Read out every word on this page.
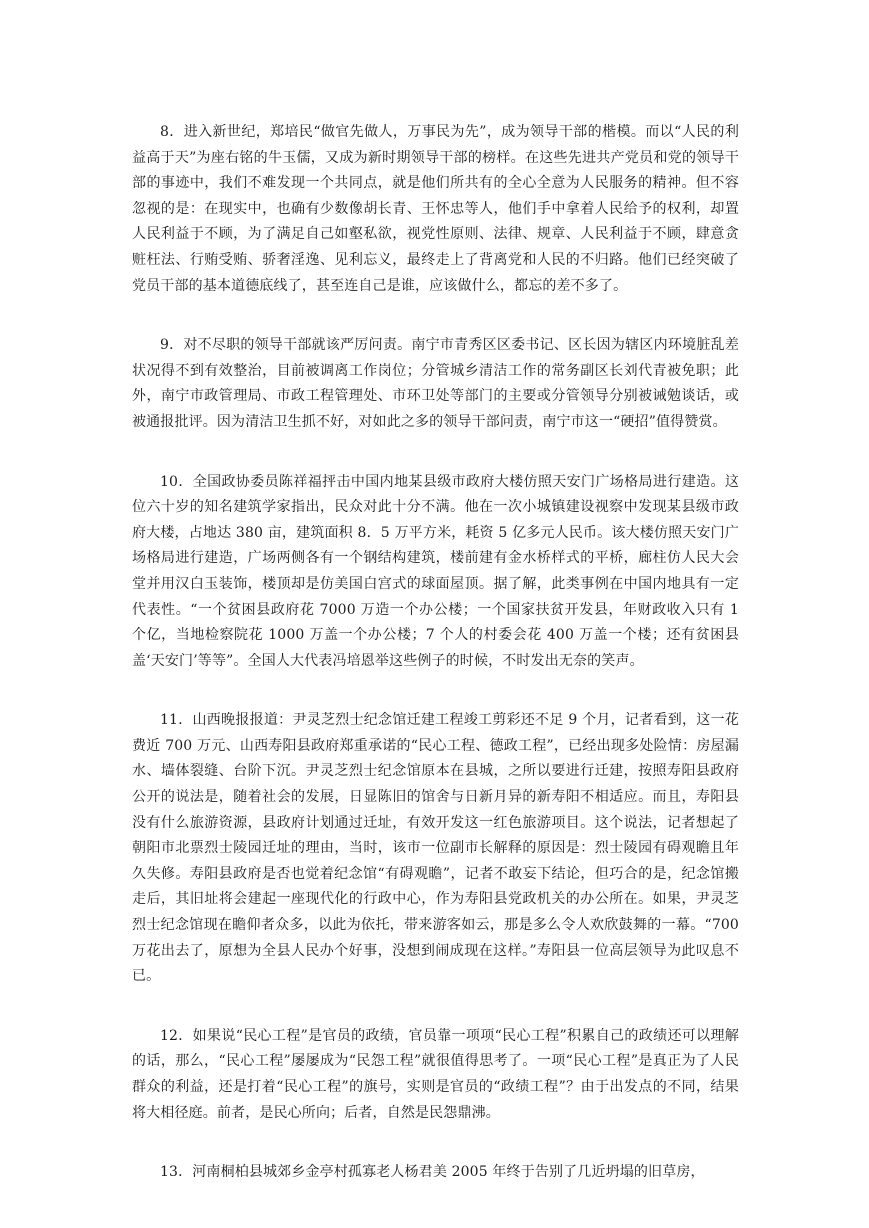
8．进入新世纪，郑培民“做官先做人，万事民为先”，成为领导干部的楷模。而以“人民的利益高于天”为座右铭的牛玉儒，又成为新时期领导干部的榜样。在这些先进共产党员和党的领导干部的事迹中，我们不难发现一个共同点，就是他们所共有的全心全意为人民服务的精神。但不容忽视的是：在现实中，也确有少数像胡长青、王怀忠等人，他们手中拿着人民给予的权利，却置人民利益于不顾，为了满足自己如壑私欲，视党性原则、法律、规章、人民利益于不顾，肆意贪赃枉法、行贿受贿、骄奢淫逸、见利忘义，最终走上了背离党和人民的不归路。他们已经突破了党员干部的基本道德底线了，甚至连自己是谁，应该做什么，都忘的差不多了。

9．对不尽职的领导干部就该严厉问责。南宁市青秀区区委书记、区长因为辖区内环境脏乱差状况得不到有效整治，目前被调离工作岗位；分管城乡清洁工作的常务副区长刘代青被免职；此外，南宁市政管理局、市政工程管理处、市环卫处等部门的主要或分管领导分别被诫勉谈话，或被通报批评。因为清洁卫生抓不好，对如此之多的领导干部问责，南宁市这一“硬招”值得赞赏。

10．全国政协委员陈祥福抨击中国内地某县级市政府大楼仿照天安门广场格局进行建造。这位六十岁的知名建筑学家指出，民众对此十分不满。他在一次小城镇建设视察中发现某县级市政府大楼，占地达 380 亩，建筑面积 8．5 万平方米，耗资 5 亿多元人民币。该大楼仿照天安门广场格局进行建造，广场两侧各有一个钢结构建筑，楼前建有金水桥样式的平桥，廊柱仿人民大会堂并用汉白玉装饰，楼顶却是仿美国白宫式的球面屋顶。据了解，此类事例在中国内地具有一定代表性。“一个贫困县政府花 7000 万造一个办公楼；一个国家扶贫开发县，年财政收入只有 1 个亿，当地检察院花 1000 万盖一个办公楼；7 个人的村委会花 400 万盖一个楼；还有贫困县盖‘天安门’等等”。全国人大代表冯培恩举这些例子的时候，不时发出无奈的笑声。

11．山西晚报报道：尹灵芝烈士纪念馆迁建工程竣工剪彩还不足 9 个月，记者看到，这一花费近 700 万元、山西寿阳县政府郑重承诺的“民心工程、德政工程”，已经出现多处险情：房屋漏水、墙体裂缝、台阶下沉。尹灵芝烈士纪念馆原本在县城，之所以要进行迁建，按照寿阳县政府公开的说法是，随着社会的发展，日显陈旧的馆舍与日新月异的新寿阳不相适应。而且，寿阳县没有什么旅游资源，县政府计划通过迁址，有效开发这一红色旅游项目。这个说法，记者想起了朝阳市北票烈士陵园迁址的理由，当时，该市一位副市长解释的原因是：烈士陵园有碍观瞻且年久失修。寿阳县政府是否也觉着纪念馆“有碍观瞻”，记者不敢妄下结论，但巧合的是，纪念馆搬走后，其旧址将会建起一座现代化的行政中心，作为寿阳县党政机关的办公所在。如果，尹灵芝烈士纪念馆现在瞻仰者众多，以此为依托，带来游客如云，那是多么令人欢欣鼓舞的一幕。“700 万花出去了，原想为全县人民办个好事，没想到闹成现在这样。”寿阳县一位高层领导为此叹息不已。

12．如果说“民心工程”是官员的政绩，官员靠一项项“民心工程”积累自己的政绩还可以理解的话，那么，“民心工程”屡屡成为“民怨工程”就很值得思考了。一项“民心工程”是真正为了人民群众的利益，还是打着“民心工程”的旗号，实则是官员的“政绩工程”？由于出发点的不同，结果将大相径庭。前者，是民心所向；后者，自然是民怨鼎沸。

13．河南桐柏县城郊乡金亭村孤寡老人杨君美 2005 年终于告别了几近坍塌的旧草房，
